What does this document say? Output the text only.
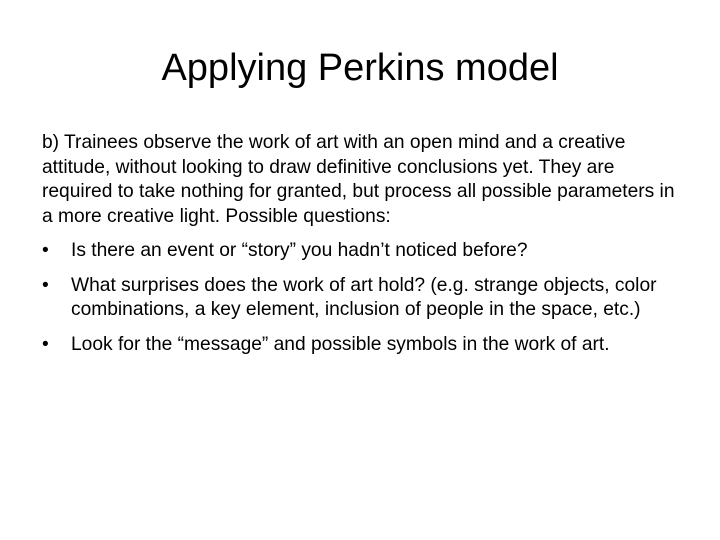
Applying Perkins model

b) Trainees observe the work of art with an open mind and a creative attitude, without looking to draw definitive conclusions yet. They are required to take nothing for granted, but process all possible parameters in a more creative light. Possible questions:

• Is there an event or “story” you hadn’t noticed before?
• What surprises does the work of art hold? (e.g. strange objects, color combinations, a key element, inclusion of people in the space, etc.)
• Look for the “message” and possible symbols in the work of art.
